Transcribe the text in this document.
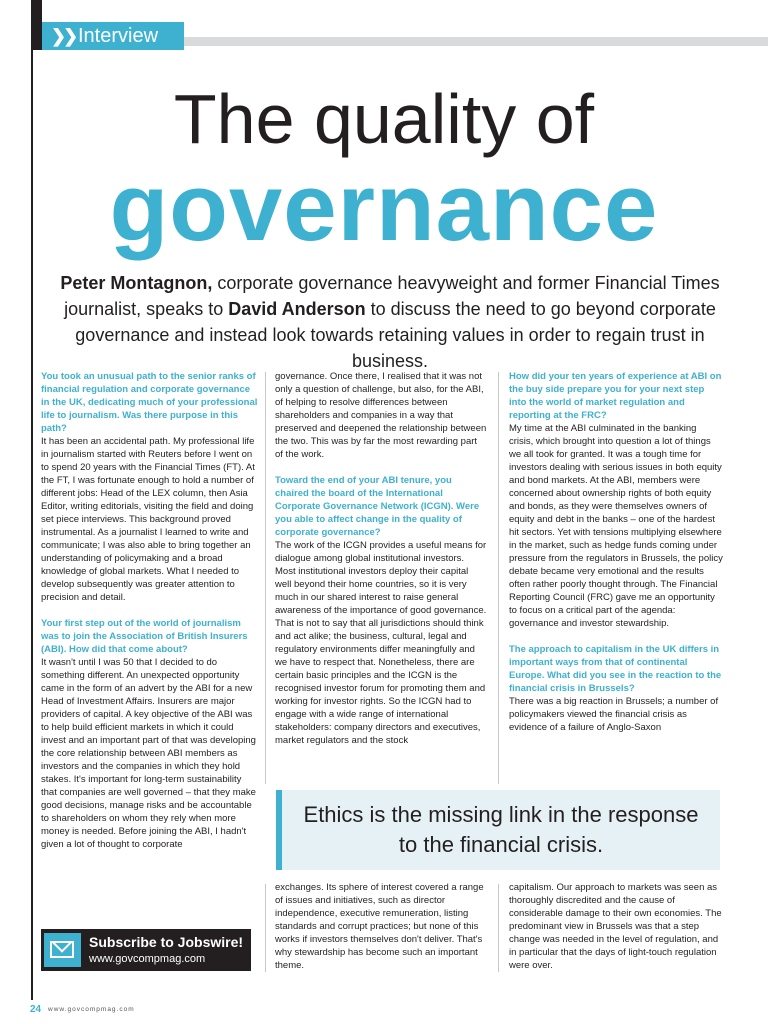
❯❯ Interview
The quality of
governance
Peter Montagnon, corporate governance heavyweight and former Financial Times journalist, speaks to David Anderson to discuss the need to go beyond corporate governance and instead look towards retaining values in order to regain trust in business.

You took an unusual path to the senior ranks of financial regulation and corporate governance in the UK, dedicating much of your professional life to journalism. Was there purpose in this path?

It has been an accidental path. My professional life in journalism started with Reuters before I went on to spend 20 years with the Financial Times (FT). At the FT, I was fortunate enough to hold a number of different jobs: Head of the LEX column, then Asia Editor, writing editorials, visiting the field and doing set piece interviews. This background proved instrumental. As a journalist I learned to write and communicate; I was also able to bring together an understanding of policymaking and a broad knowledge of global markets. What I needed to develop subsequently was greater attention to precision and detail.

Your first step out of the world of journalism was to join the Association of British Insurers (ABI). How did that come about?

It wasn't until I was 50 that I decided to do something different. An unexpected opportunity came in the form of an advert by the ABI for a new Head of Investment Affairs. Insurers are major providers of capital. A key objective of the ABI was to help build efficient markets in which it could invest and an important part of that was developing the core relationship between ABI members as investors and the companies in which they hold stakes. It's important for long-term sustainability that companies are well governed – that they make good decisions, manage risks and be accountable to shareholders on whom they rely when more money is needed. Before joining the ABI, I hadn't given a lot of thought to corporate

governance. Once there, I realised that it was not only a question of challenge, but also, for the ABI, of helping to resolve differences between shareholders and companies in a way that preserved and deepened the relationship between the two. This was by far the most rewarding part of the work.

Toward the end of your ABI tenure, you chaired the board of the International Corporate Governance Network (ICGN). Were you able to affect change in the quality of corporate governance?

The work of the ICGN provides a useful means for dialogue among global institutional investors. Most institutional investors deploy their capital well beyond their home countries, so it is very much in our shared interest to raise general awareness of the importance of good governance. That is not to say that all jurisdictions should think and act alike; the business, cultural, legal and regulatory environments differ meaningfully and we have to respect that. Nonetheless, there are certain basic principles and the ICGN is the recognised investor forum for promoting them and working for investor rights. So the ICGN had to engage with a wide range of international stakeholders: company directors and executives, market regulators and the stock

How did your ten years of experience at ABI on the buy side prepare you for your next step into the world of market regulation and reporting at the FRC?

My time at the ABI culminated in the banking crisis, which brought into question a lot of things we all took for granted. It was a tough time for investors dealing with serious issues in both equity and bond markets. At the ABI, members were concerned about ownership rights of both equity and bonds, as they were themselves owners of equity and debt in the banks – one of the hardest hit sectors. Yet with tensions multiplying elsewhere in the market, such as hedge funds coming under pressure from the regulators in Brussels, the policy debate became very emotional and the results often rather poorly thought through. The Financial Reporting Council (FRC) gave me an opportunity to focus on a critical part of the agenda: governance and investor stewardship.

The approach to capitalism in the UK differs in important ways from that of continental Europe. What did you see in the reaction to the financial crisis in Brussels?

There was a big reaction in Brussels; a number of policymakers viewed the financial crisis as evidence of a failure of Anglo-Saxon

Ethics is the missing link in the response
to the financial crisis.

exchanges. Its sphere of interest covered a range of issues and initiatives, such as director independence, executive remuneration, listing standards and corrupt practices; but none of this works if investors themselves don't deliver. That's why stewardship has become such an important theme.

capitalism. Our approach to markets was seen as thoroughly discredited and the cause of considerable damage to their own economies. The predominant view in Brussels was that a step change was needed in the level of regulation, and in particular that the days of light-touch regulation were over.

Subscribe to Jobswire!
www.govcompmag.com
24 www.govcompmag.com
